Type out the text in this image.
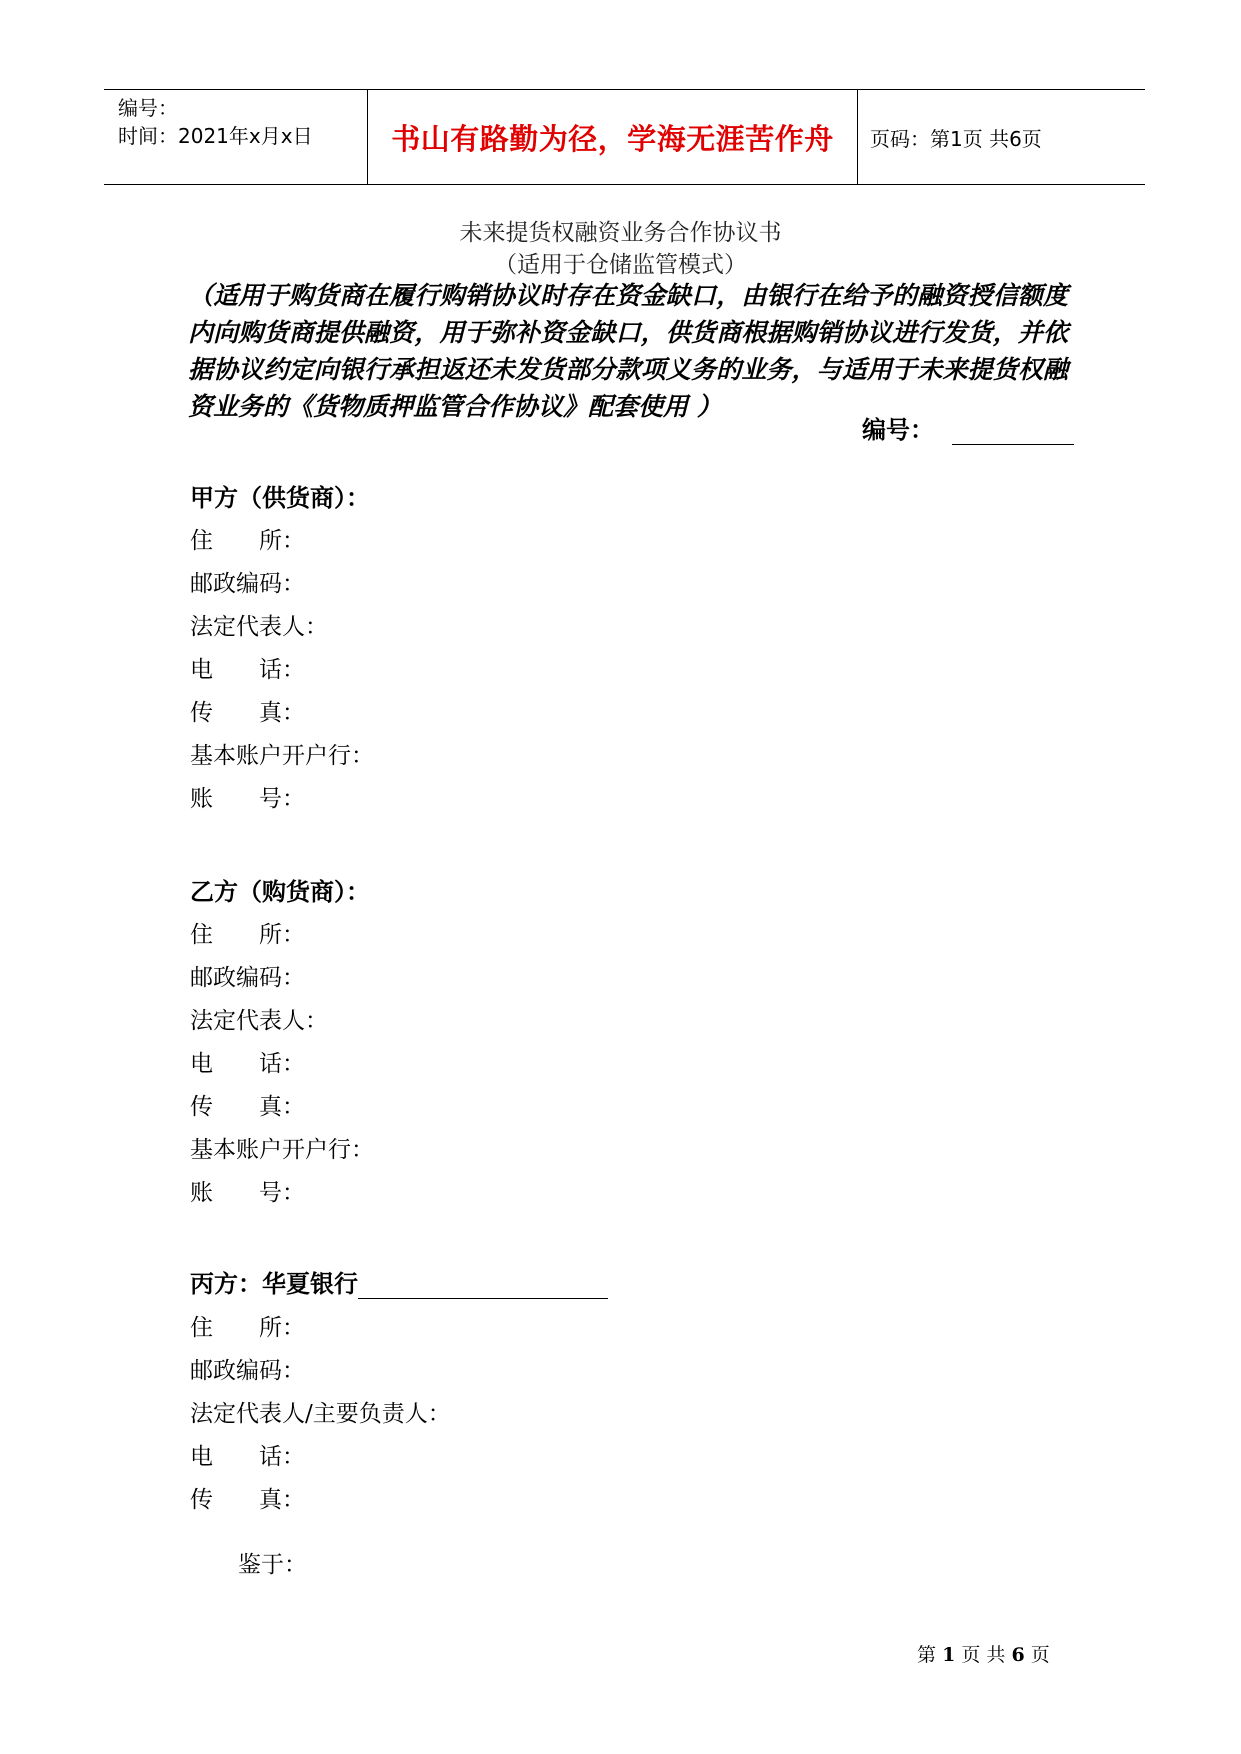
编号：
时间：2021年x月x日	书山有路勤为径，学海无涯苦作舟	页码：第1页 共6页
未来提货权融资业务合作协议书
（适用于仓储监管模式）
（适用于购货商在履行购销协议时存在资金缺口，由银行在给予的融资授信额度内向购货商提供融资，用于弥补资金缺口，供货商根据购销协议进行发货，并依据协议约定向银行承担返还未发货部分款项义务的业务，与适用于未来提货权融资业务的《货物质押监管合作协议》配套使用 ）
编号：
甲方（供货商）：
住　　所：
邮政编码：
法定代表人：
电　　话：
传　　真：
基本账户开户行：
账　　号：
乙方（购货商）：
住　　所：
邮政编码：
法定代表人：
电　　话：
传　　真：
基本账户开户行：
账　　号：
丙方：华夏银行
住　　所：
邮政编码：
法定代表人/主要负责人：
电　　话：
传　　真：
鉴于：
第 1 页 共 6 页
